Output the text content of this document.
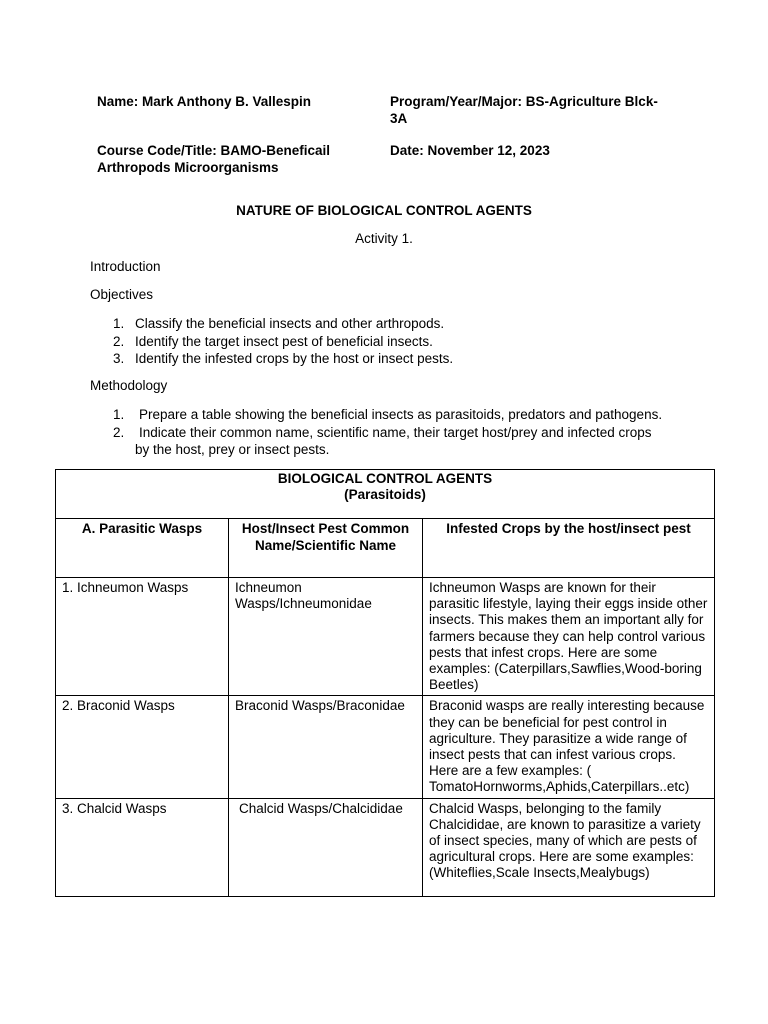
Name: Mark Anthony B. Vallespin	Program/Year/Major: BS-Agriculture Blck-
3A
Course Code/Title: BAMO-Beneficail
Arthropods Microorganisms
Date: November 12, 2023
NATURE OF BIOLOGICAL CONTROL AGENTS
Activity 1.
Introduction
Objectives
1. Classify the beneficial insects and other arthropods.
2. Identify the target insect pest of beneficial insects.
3. Identify the infested crops by the host or insect pests.
Methodology
1. Prepare a table showing the beneficial insects as parasitoids, predators and pathogens.
2. Indicate their common name, scientific name, their target host/prey and infected crops
by the host, prey or insect pests.
BIOLOGICAL CONTROL AGENTS
(Parasitoids)		

A. Parasitic Wasps	Host/Insect Pest Common Name/Scientific Name	Infested Crops by the host/insect pest
1. Ichneumon Wasps	Ichneumon Wasps/Ichneumonidae	Ichneumon Wasps are known for their parasitic lifestyle, laying their eggs inside other insects. This makes them an important ally for farmers because they can help control various pests that infest crops. Here are some examples: (Caterpillars,Sawflies,Wood-boring Beetles)
2. Braconid Wasps	Braconid Wasps/Braconidae	Braconid wasps are really interesting because they can be beneficial for pest control in agriculture. They parasitize a wide range of insect pests that can infest various crops. Here are a few examples: ( TomatoHornworms,Aphids,Caterpillars..etc)
3. Chalcid Wasps	Chalcid Wasps/Chalcididae	Chalcid Wasps, belonging to the family Chalcididae, are known to parasitize a variety of insect species, many of which are pests of agricultural crops. Here are some examples:(Whiteflies,Scale Insects,Mealybugs)
